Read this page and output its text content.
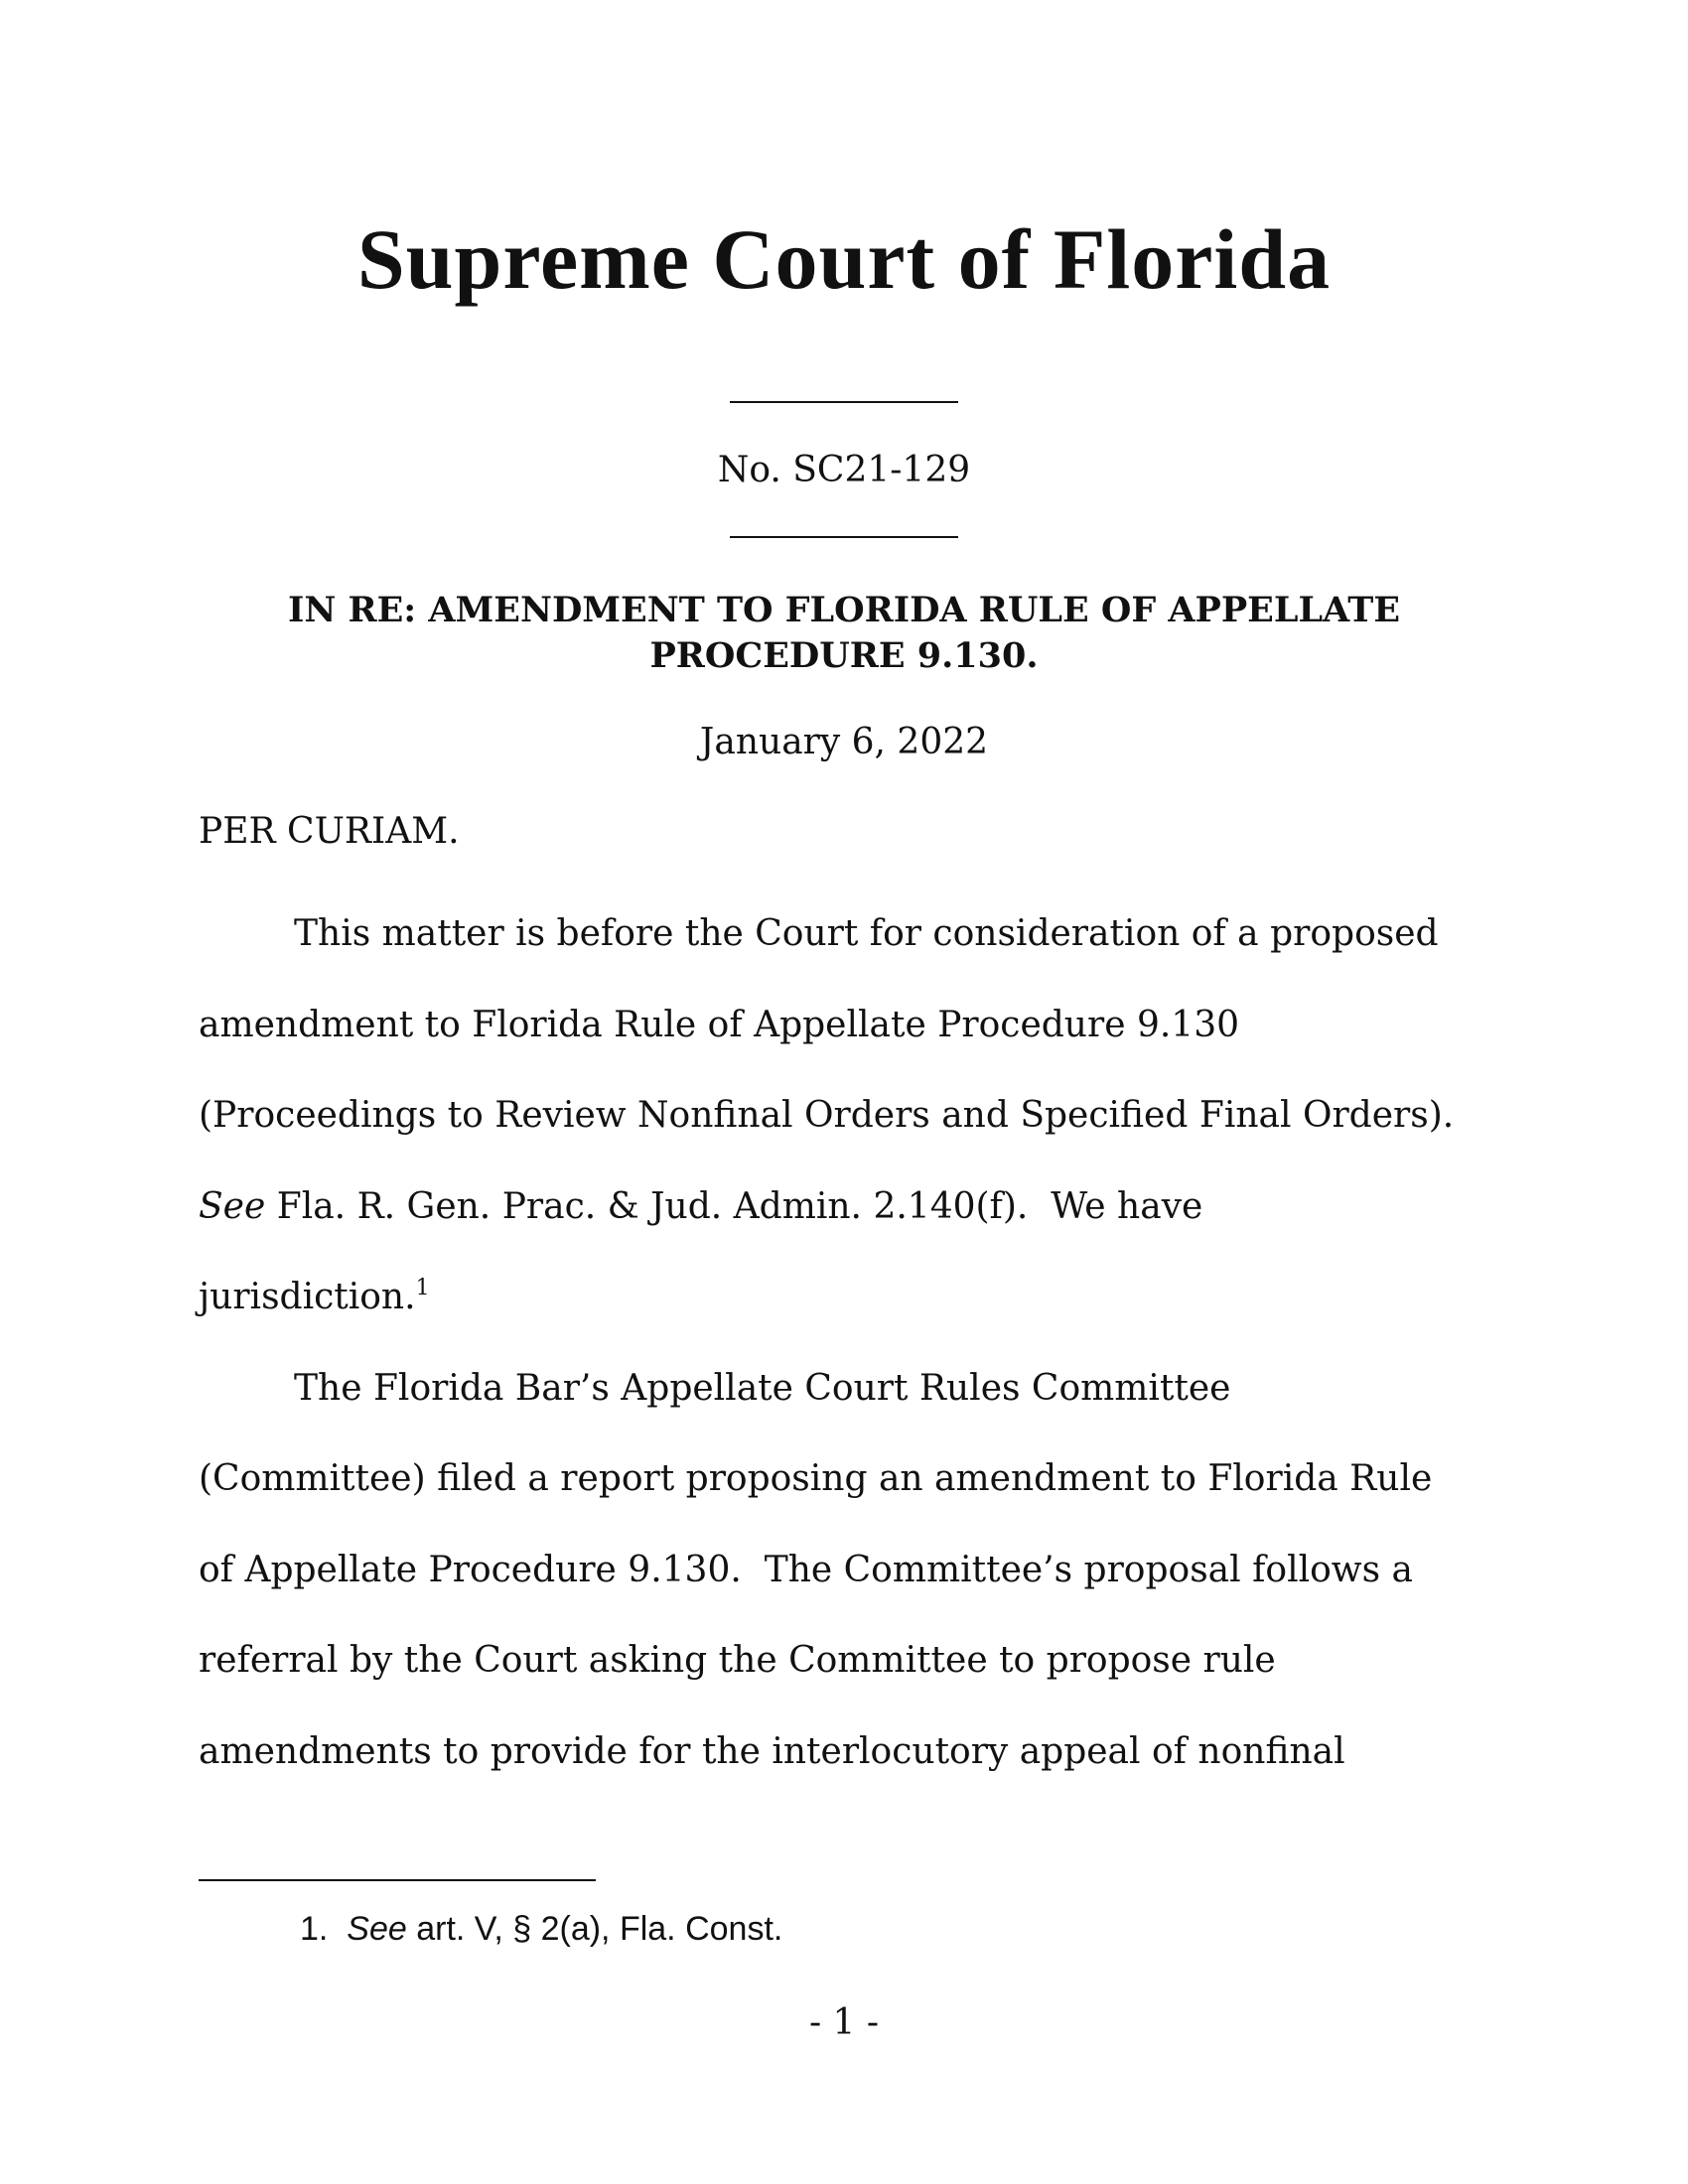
Supreme Court of Florida
No. SC21-129
IN RE: AMENDMENT TO FLORIDA RULE OF APPELLATE
PROCEDURE 9.130.
January 6, 2022
PER CURIAM.

This matter is before the Court for consideration of a proposed
amendment to Florida Rule of Appellate Procedure 9.130
(Proceedings to Review Nonfinal Orders and Specified Final Orders).
See Fla. R. Gen. Prac. & Jud. Admin. 2.140(f).  We have
jurisdiction.$^1$

The Florida Bar’s Appellate Court Rules Committee
(Committee) filed a report proposing an amendment to Florida Rule
of Appellate Procedure 9.130.  The Committee’s proposal follows a
referral by the Court asking the Committee to propose rule
amendments to provide for the interlocutory appeal of nonfinal

1. See art. V, § 2(a), Fla. Const.
- 1 -
